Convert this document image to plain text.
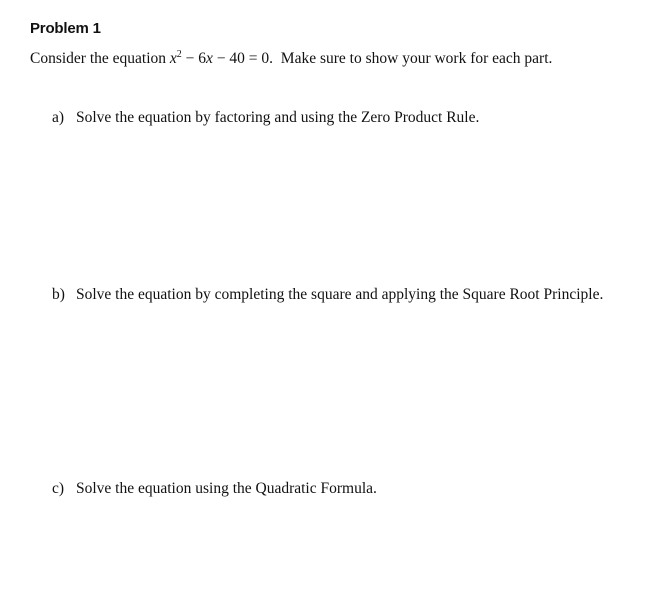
Problem 1
Consider the equation $x^2 - 6x - 40 = 0$.  Make sure to show your work for each part.
a) Solve the equation by factoring and using the Zero Product Rule.
b) Solve the equation by completing the square and applying the Square Root Principle.
c) Solve the equation using the Quadratic Formula.
